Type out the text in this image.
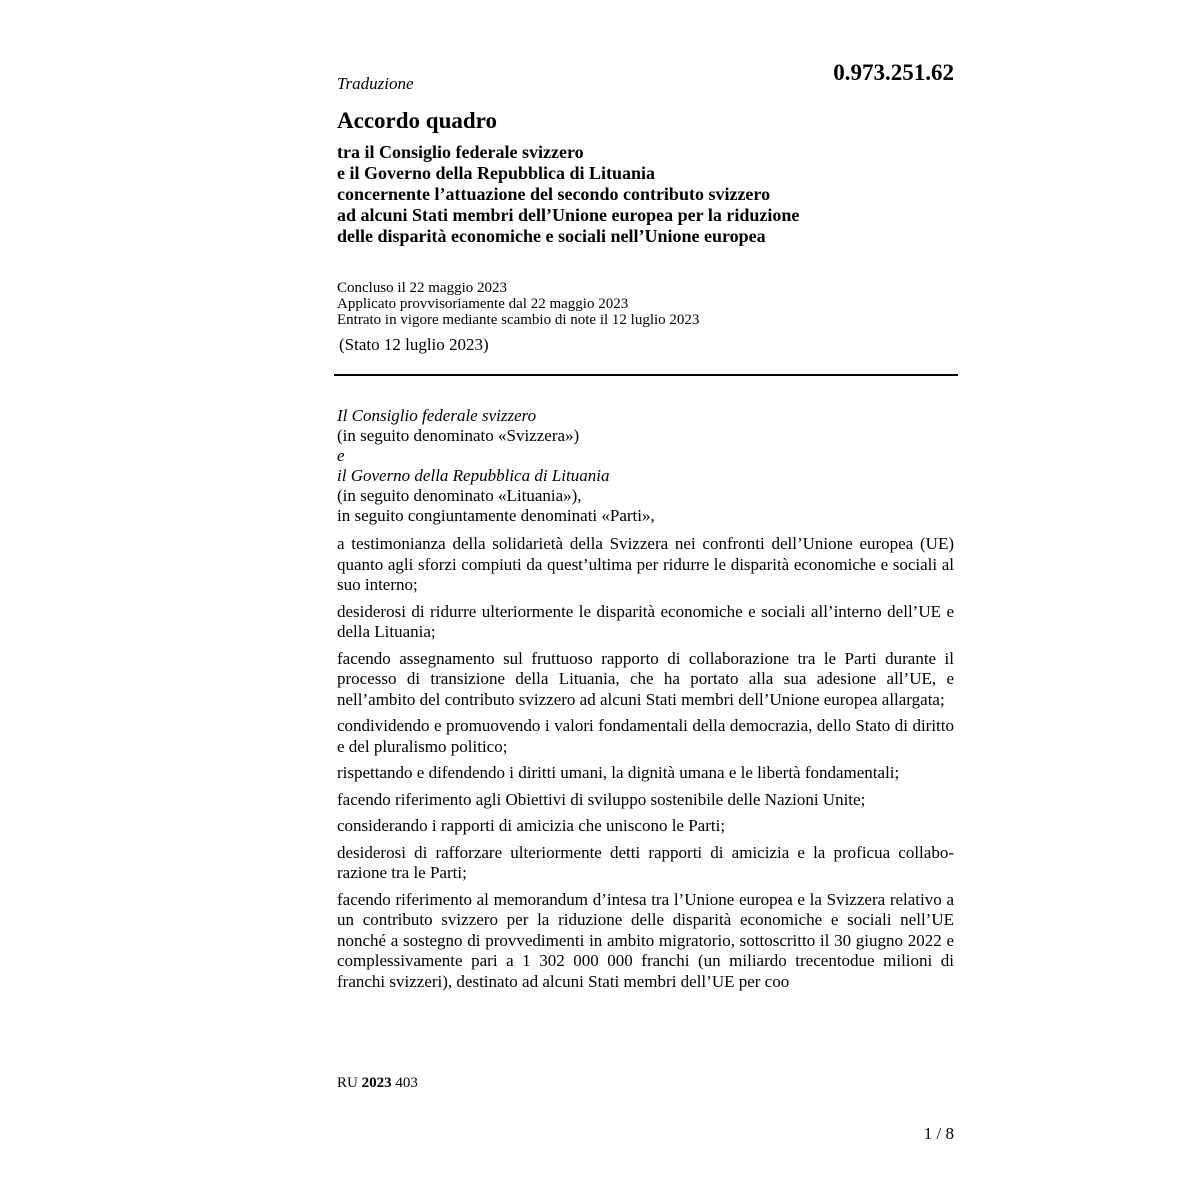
Traduzione	0.973.251.62
Accordo quadro
tra il Consiglio federale svizzero
e il Governo della Repubblica di Lituania
concernente l’attuazione del secondo contributo svizzero
ad alcuni Stati membri dell’Unione europea per la riduzione
delle disparità economiche e sociali nell’Unione europea
Concluso il 22 maggio 2023
Applicato provvisoriamente dal 22 maggio 2023
Entrato in vigore mediante scambio di note il 12 luglio 2023
(Stato 12 luglio 2023)
Il Consiglio federale svizzero
(in seguito denominato «Svizzera»)
e
il Governo della Repubblica di Lituania
(in seguito denominato «Lituania»),
in seguito congiuntamente denominati «Parti»,

a testimonianza della solidarietà della Svizzera nei confronti dell’Unione europea (UE) quanto agli sforzi compiuti da quest’ultima per ridurre le disparità economiche e sociali al suo interno;

desiderosi di ridurre ulteriormente le disparità economiche e sociali all’interno dell’UE e della Lituania;

facendo assegnamento sul fruttuoso rapporto di collaborazione tra le Parti durante il processo di transizione della Lituania, che ha portato alla sua adesione all’UE, e nell’ambito del contributo svizzero ad alcuni Stati membri dell’Unione europea allargata;

condividendo e promuovendo i valori fondamentali della democrazia, dello Stato di diritto e del pluralismo politico;

rispettando e difendendo i diritti umani, la dignità umana e le libertà fondamentali;

facendo riferimento agli Obiettivi di sviluppo sostenibile delle Nazioni Unite;

considerando i rapporti di amicizia che uniscono le Parti;

desiderosi di rafforzare ulteriormente detti rapporti di amicizia e la proficua collaborazione tra le Parti;

facendo riferimento al memorandum d’intesa tra l’Unione europea e la Svizzera relativo a un contributo svizzero per la riduzione delle disparità economiche e sociali nell’UE nonché a sostegno di provvedimenti in ambito migratorio, sottoscritto il 30 giugno 2022 e complessivamente pari a 1 302 000 000 franchi (un miliardo trecentodue milioni di franchi svizzeri), destinato ad alcuni Stati membri dell’UE per coo

RU 2023 403
1 / 8
